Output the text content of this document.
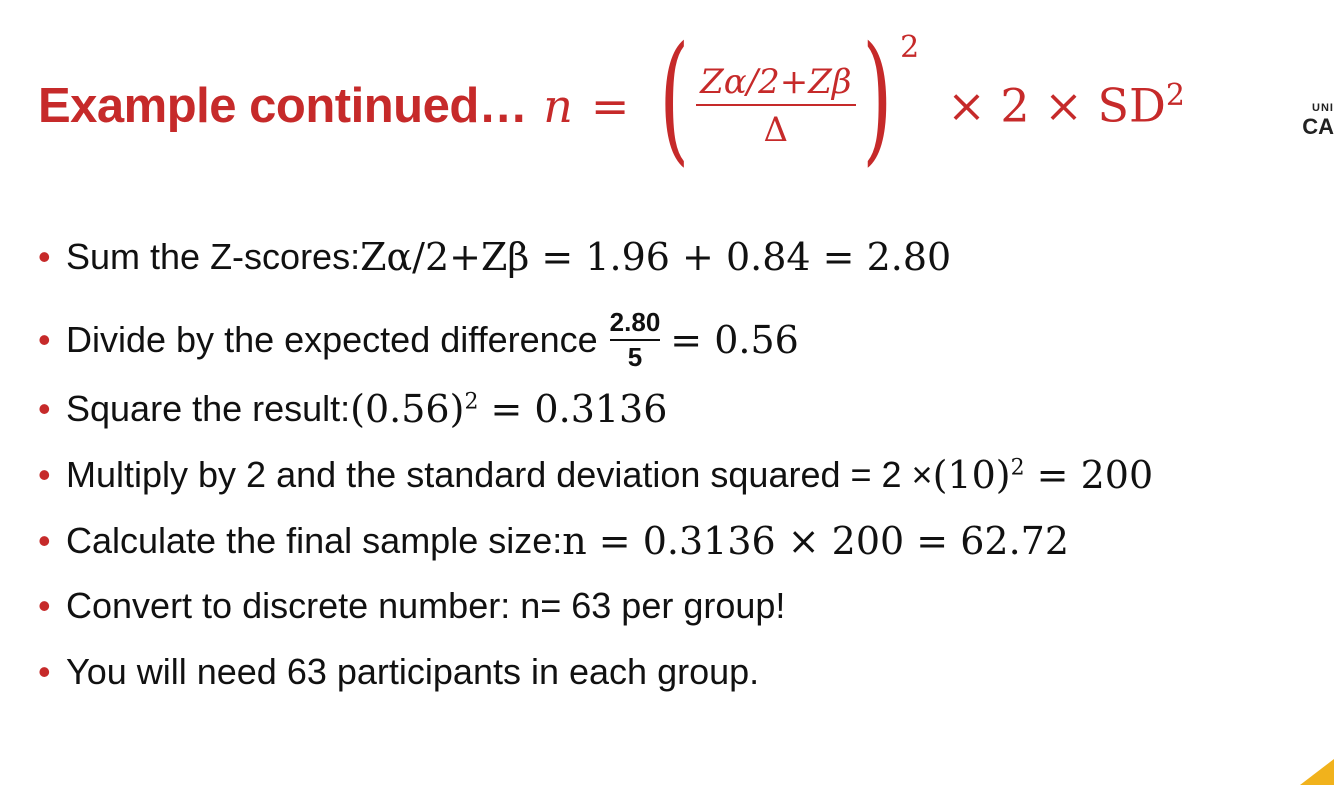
Example continued… n = ( $\frac{Z\alpha/2+Z\beta}{\Delta}$ ) 2
× $2 \times SD^2$	UNI
CA
• Sum the Z-scores: Zα/2+Zβ = 1.96 + 0.84 = 2.80
• Divide by the expected difference 2.80
5 = 0.56
• Square the result: $(0.56)^2 = 0.3136$
• Multiply by 2 and the standard deviation squared = $2 \times (10)^2 = 200$
• Calculate the final sample size: n = 0.3136 × 200 = 62.72
• Convert to discrete number: n= 63 per group!
• You will need 63 participants in each group.
